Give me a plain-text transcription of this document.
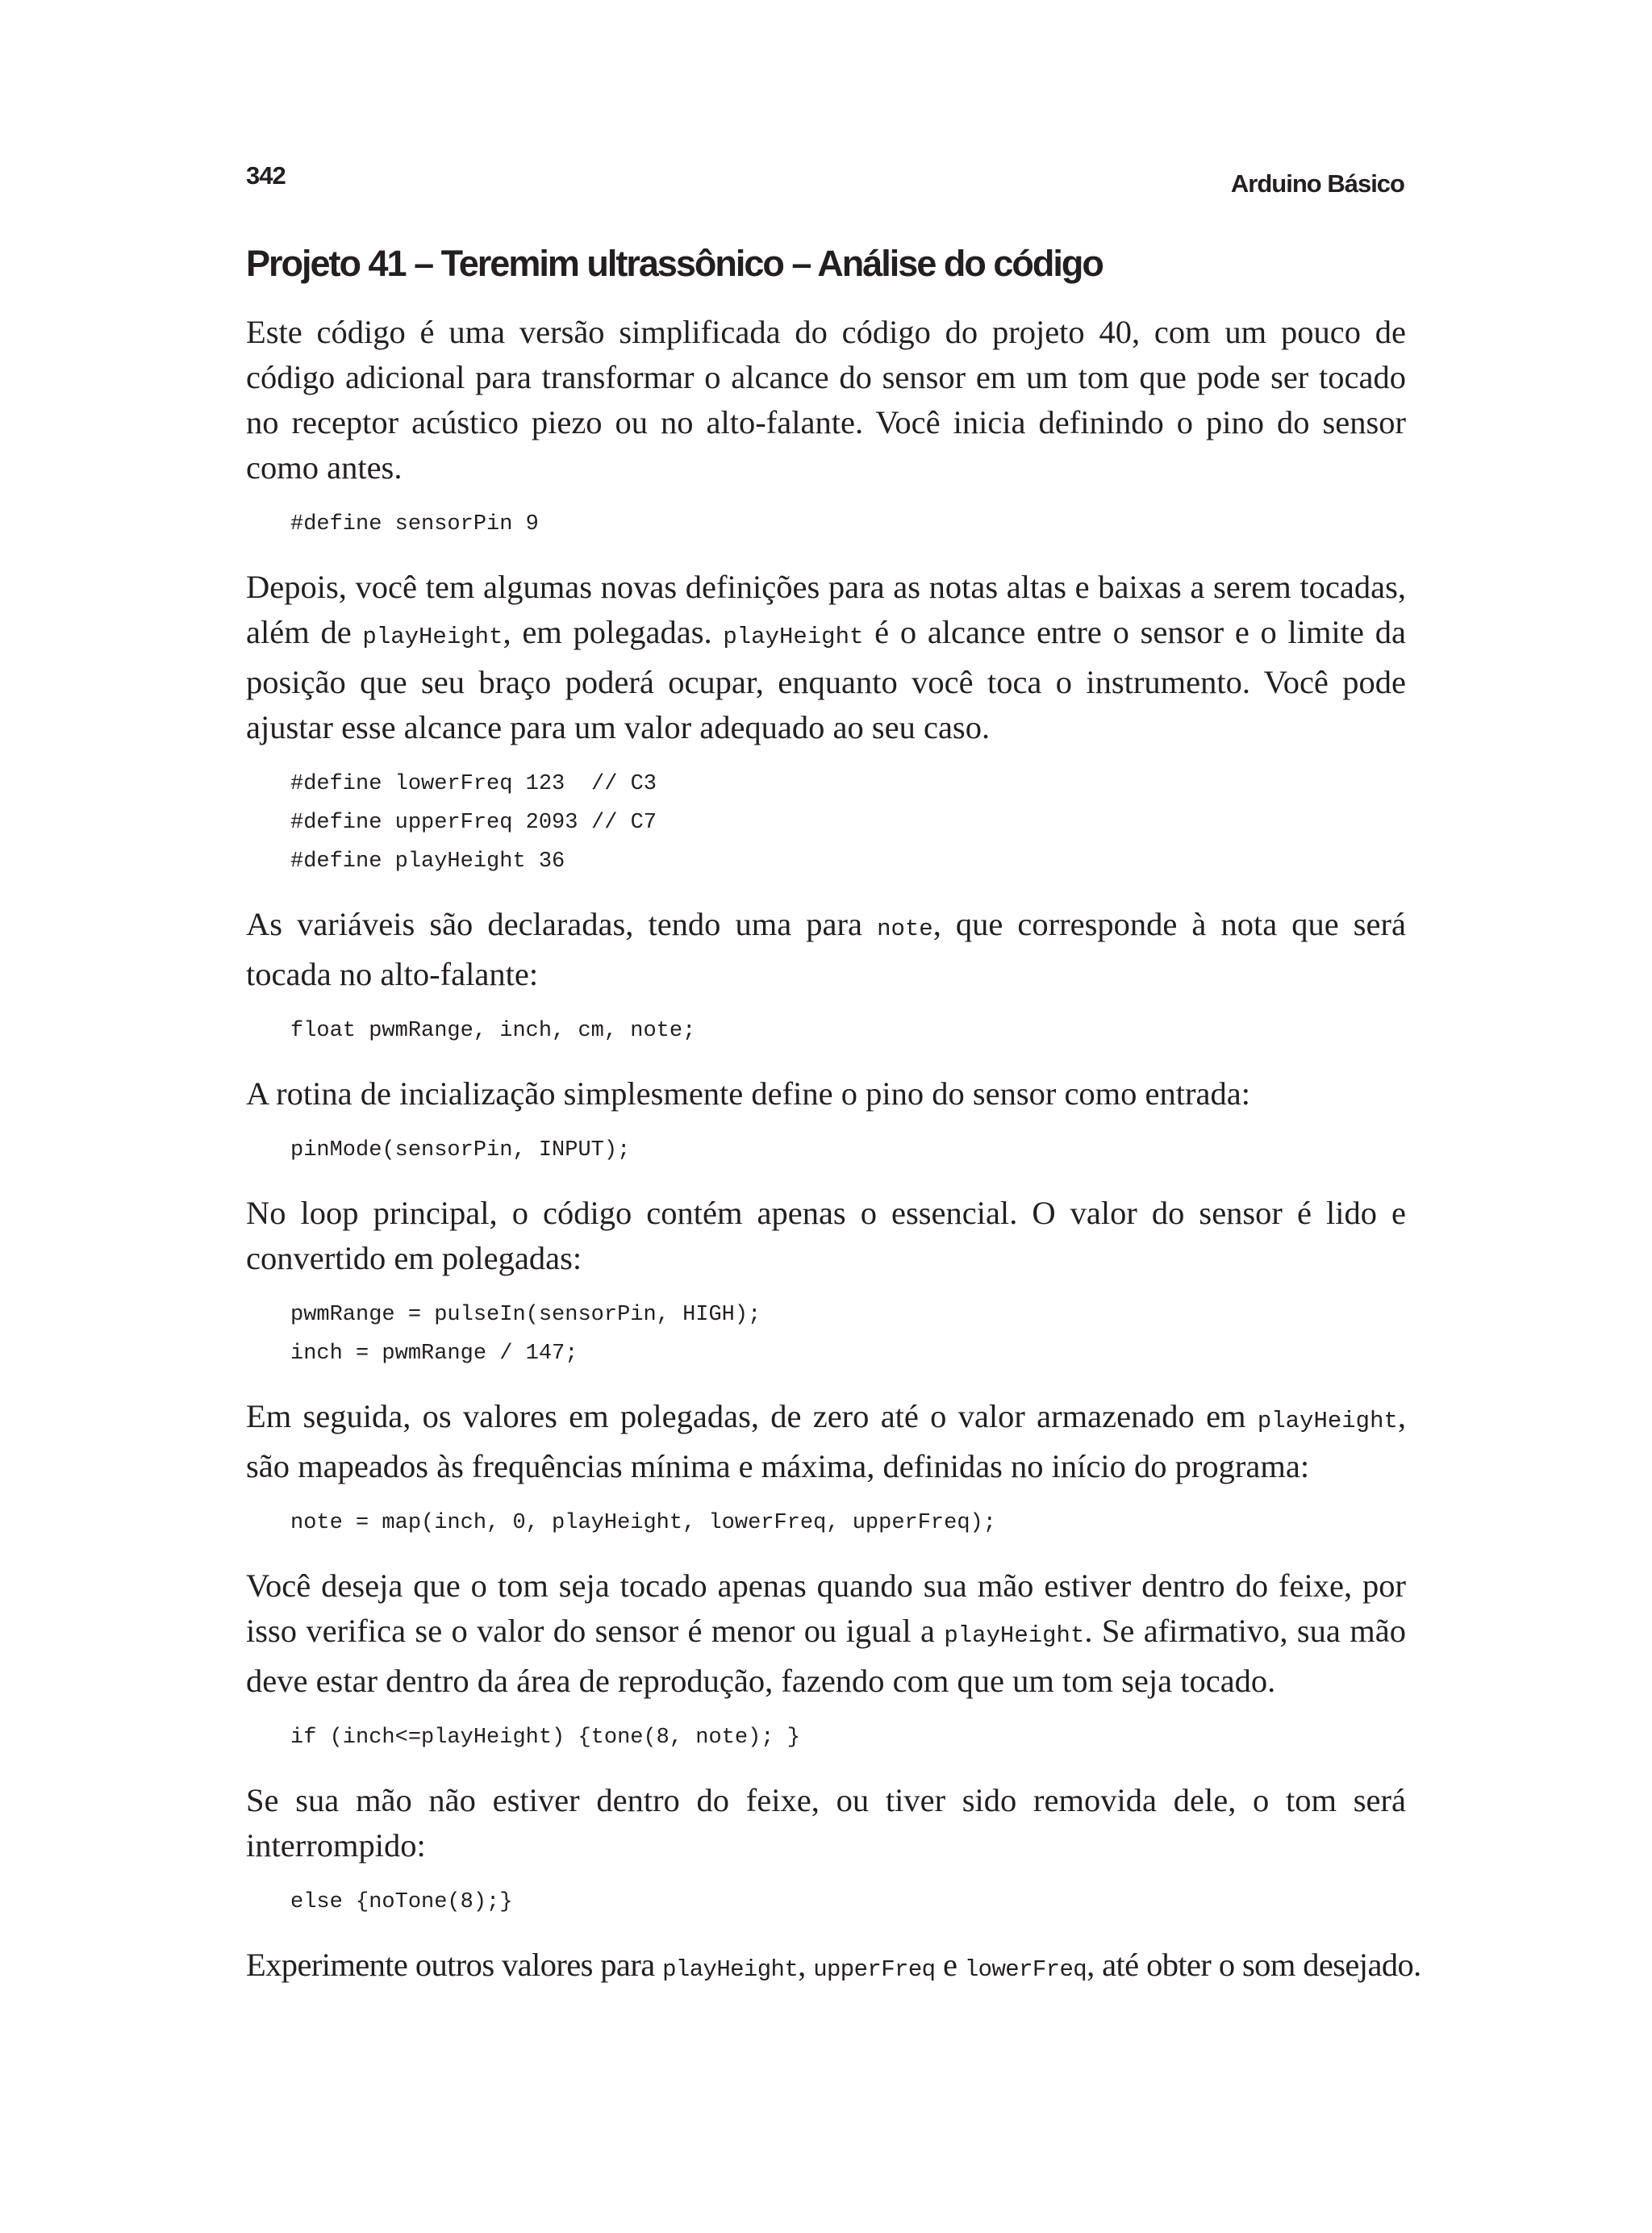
342	Arduino Básico
Projeto 41 – Teremim ultrassônico – Análise do código

Este código é uma versão simplificada do código do projeto 40, com um pouco de código adicional para transformar o alcance do sensor em um tom que pode ser tocado no receptor acústico piezo ou no alto-falante. Você inicia definindo o pino do sensor como antes.

#define sensorPin 9

Depois, você tem algumas novas definições para as notas altas e baixas a serem tocadas, além de playHeight, em polegadas. playHeight é o alcance entre o sensor e o limite da posição que seu braço poderá ocupar, enquanto você toca o instrumento. Você pode ajustar esse alcance para um valor adequado ao seu caso.

#define lowerFreq 123 // C3
#define upperFreq 2093 // C7
#define playHeight 36

As variáveis são declaradas, tendo uma para note, que corresponde à nota que será tocada no alto-falante:

float pwmRange, inch, cm, note;

A rotina de incialização simplesmente define o pino do sensor como entrada:

pinMode(sensorPin, INPUT);

No loop principal, o código contém apenas o essencial. O valor do sensor é lido e convertido em polegadas:

pwmRange = pulseIn(sensorPin, HIGH);
inch = pwmRange / 147;

Em seguida, os valores em polegadas, de zero até o valor armazenado em playHeight, são mapeados às frequências mínima e máxima, definidas no início do programa:

note = map(inch, 0, playHeight, lowerFreq, upperFreq);

Você deseja que o tom seja tocado apenas quando sua mão estiver dentro do feixe, por isso verifica se o valor do sensor é menor ou igual a playHeight. Se afirmativo, sua mão deve estar dentro da área de reprodução, fazendo com que um tom seja tocado.

if (inch<=playHeight) {tone(8, note); }

Se sua mão não estiver dentro do feixe, ou tiver sido removida dele, o tom será interrompido:

else {noTone(8);}

Experimente outros valores para playHeight, upperFreq e lowerFreq, até obter o som desejado.
